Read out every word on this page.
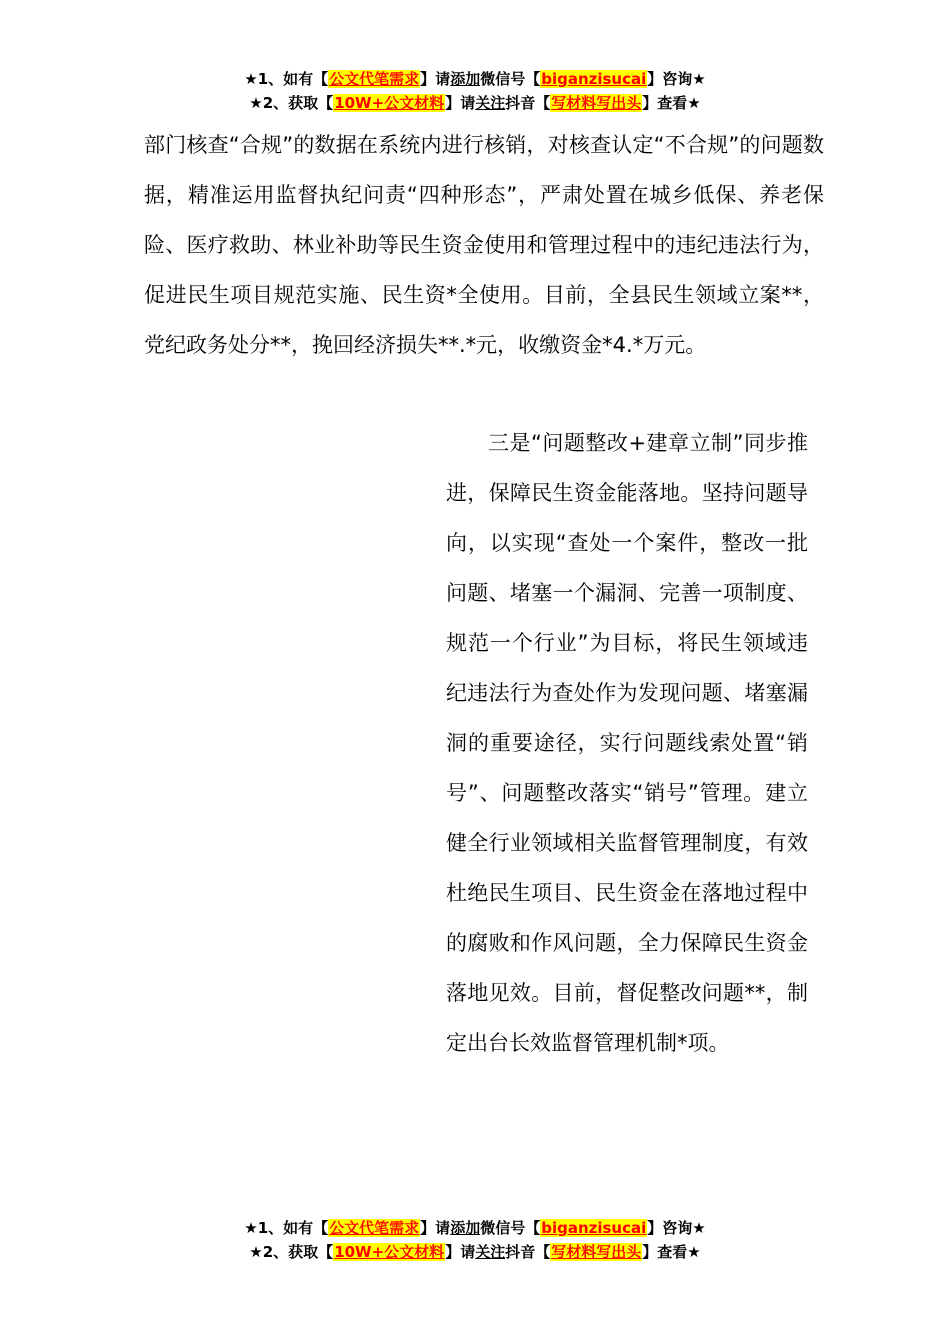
★1、如有【公文代笔需求】请添加微信号【biganzisucai】咨询★
★2、获取【10W+公文材料】请关注抖音【写材料写出头】查看★

部门核查“合规”的数据在系统内进行核销，对核查认定“不合规”的问题数据，精准运用监督执纪问责“四种形态”，严肃处置在城乡低保、养老保险、医疗救助、林业补助等民生资金使用和管理过程中的违纪违法行为，促进民生项目规范实施、民生资*全使用。目前，全县民生领域立案**，党纪政务处分**，挽回经济损失**.*元，收缴资金*4.*万元。

三是“问题整改+建章立制”同步推进，保障民生资金能落地。坚持问题导向，以实现“查处一个案件，整改一批问题、堵塞一个漏洞、完善一项制度、规范一个行业”为目标，将民生领域违纪违法行为查处作为发现问题、堵塞漏洞的重要途径，实行问题线索处置“销号”、问题整改落实“销号”管理。建立健全行业领域相关监督管理制度，有效杜绝民生项目、民生资金在落地过程中的腐败和作风问题，全力保障民生资金落地见效。目前，督促整改问题**，制定出台长效监督管理机制*项。

★1、如有【公文代笔需求】请添加微信号【biganzisucai】咨询★
★2、获取【10W+公文材料】请关注抖音【写材料写出头】查看★
